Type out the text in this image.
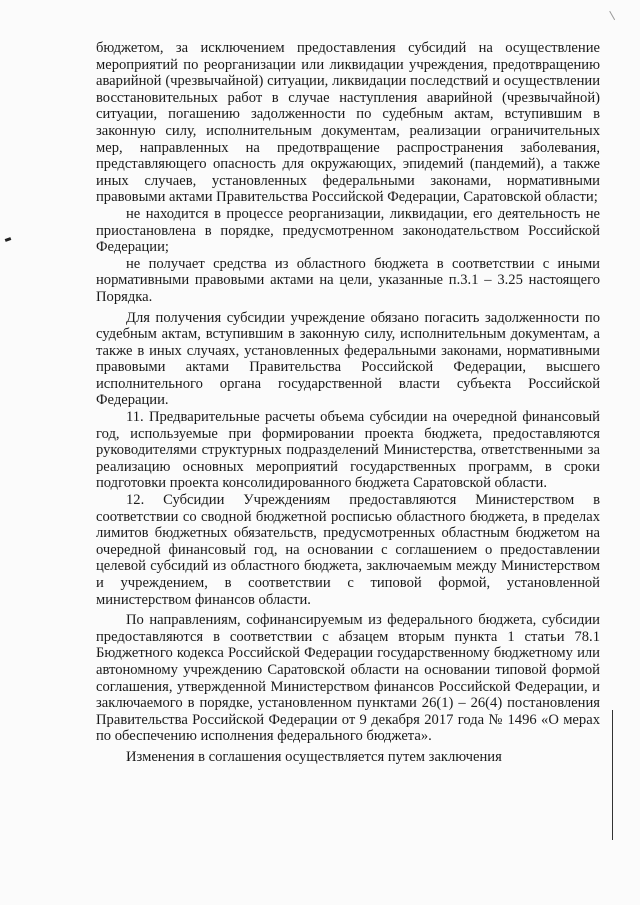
бюджетом, за исключением предоставления субсидий на осуществление мероприятий по реорганизации или ликвидации учреждения, предотвращению аварийной (чрезвычайной) ситуации, ликвидации последствий и осуществлении восстановительных работ в случае наступления аварийной (чрезвычайной) ситуации, погашению задолженности по судебным актам, вступившим в законную силу, исполнительным документам, реализации ограничительных мер, направленных на предотвращение распространения заболевания, представляющего опасность для окружающих, эпидемий (пандемий), а также иных случаев, установленных федеральными законами, нормативными правовыми актами Правительства Российской Федерации, Саратовской области;

не находится в процессе реорганизации, ликвидации, его деятельность не приостановлена в порядке, предусмотренном законодательством Российской Федерации;

не получает средства из областного бюджета в соответствии с иными нормативными правовыми актами на цели, указанные п.3.1 – 3.25 настоящего Порядка.

Для получения субсидии учреждение обязано погасить задолженности по судебным актам, вступившим в законную силу, исполнительным документам, а также в иных случаях, установленных федеральными законами, нормативными правовыми актами Правительства Российской Федерации, высшего исполнительного органа государственной власти субъекта Российской Федерации.

11. Предварительные расчеты объема субсидии на очередной финансовый год, используемые при формировании проекта бюджета, предоставляются руководителями структурных подразделений Министерства, ответственными за реализацию основных мероприятий государственных программ, в сроки подготовки проекта консолидированного бюджета Саратовской области.

12. Субсидии Учреждениям предоставляются Министерством в соответствии со сводной бюджетной росписью областного бюджета, в пределах лимитов бюджетных обязательств, предусмотренных областным бюджетом на очередной финансовый год, на основании с соглашением о предоставлении целевой субсидий из областного бюджета, заключаемым между Министерством и учреждением, в соответствии с типовой формой, установленной министерством финансов области.

По направлениям, софинансируемым из федерального бюджета, субсидии предоставляются в соответствии с абзацем вторым пункта 1 статьи 78.1 Бюджетного кодекса Российской Федерации государственному бюджетному или автономному учреждению Саратовской области на основании типовой формой соглашения, утвержденной Министерством финансов Российской Федерации, и заключаемого в порядке, установленном пунктами 26(1) – 26(4) постановления Правительства Российской Федерации от 9 декабря 2017 года № 1496 «О мерах по обеспечению исполнения федерального бюджета».

Изменения в соглашения осуществляется путем заключения
